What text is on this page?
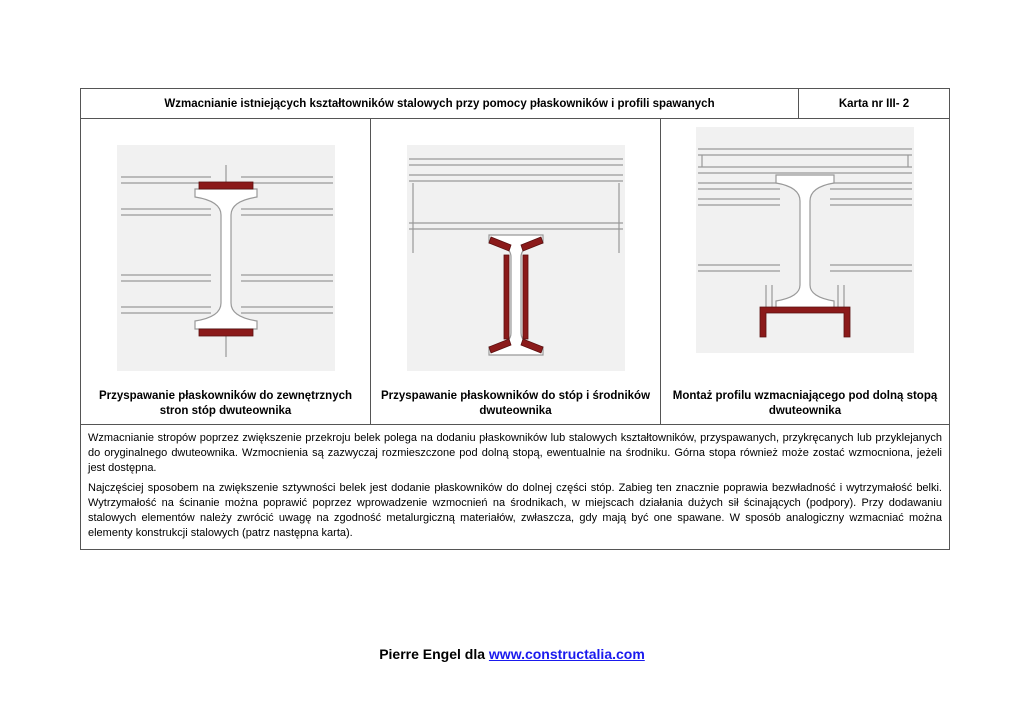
Wzmacnianie istniejących kształtowników stalowych przy pomocy płaskowników i profili spawanych	Karta nr III- 2
Przyspawanie płaskowników do zewnętrznych stron stóp dwuteownika
Przyspawanie płaskowników do stóp i środników dwuteownika
Montaż profilu wzmacniającego pod dolną stopą dwuteownika

Wzmacnianie stropów poprzez zwiększenie przekroju belek polega na dodaniu płaskowników lub stalowych kształtowników, przyspawanych, przykręcanych lub przyklejanych do oryginalnego dwuteownika. Wzmocnienia są zazwyczaj rozmieszczone pod dolną stopą, ewentualnie na środniku. Górna stopa również może zostać wzmocniona, jeżeli jest dostępna.

Najczęściej sposobem na zwiększenie sztywności belek jest dodanie płaskowników do dolnej części stóp. Zabieg ten znacznie poprawia bezwładność i wytrzymałość belki. Wytrzymałość na ścinanie można poprawić poprzez wprowadzenie wzmocnień na środnikach, w miejscach działania dużych sił ścinających (podpory). Przy dodawaniu stalowych elementów należy zwrócić uwagę na zgodność metalurgiczną materiałów, zwłaszcza, gdy mają być one spawane. W sposób analogiczny wzmacniać można elementy konstrukcji stalowych (patrz następna karta).

Pierre Engel dla www.constructalia.com
